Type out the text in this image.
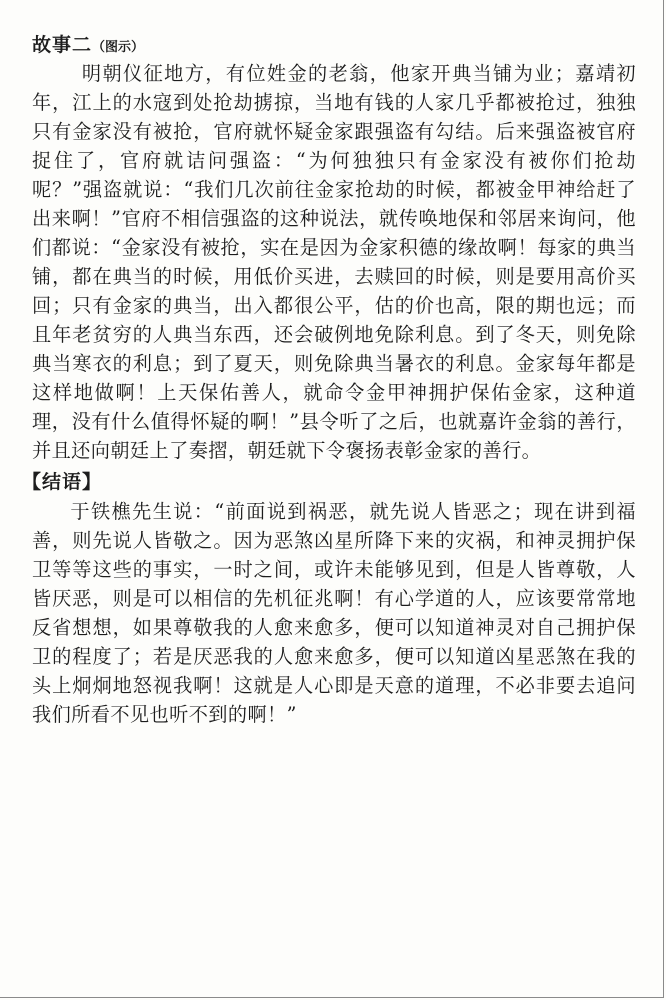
故事二（图示）

明朝仪征地方，有位姓金的老翁，他家开典当铺为业；嘉靖初年，江上的水寇到处抢劫掳掠，当地有钱的人家几乎都被抢过，独独只有金家没有被抢，官府就怀疑金家跟强盗有勾结。后来强盗被官府捉住了，官府就诘问强盗：“为何独独只有金家没有被你们抢劫呢？”强盗就说：“我们几次前往金家抢劫的时候，都被金甲神给赶了出来啊！”官府不相信强盗的这种说法，就传唤地保和邻居来询问，他们都说：“金家没有被抢，实在是因为金家积德的缘故啊！每家的典当铺，都在典当的时候，用低价买进，去赎回的时候，则是要用高价买回；只有金家的典当，出入都很公平，估的价也高，限的期也远；而且年老贫穷的人典当东西，还会破例地免除利息。到了冬天，则免除典当寒衣的利息；到了夏天，则免除典当暑衣的利息。金家每年都是这样地做啊！上天保佑善人，就命令金甲神拥护保佑金家，这种道理，没有什么值得怀疑的啊！”县令听了之后，也就嘉许金翁的善行，并且还向朝廷上了奏摺，朝廷就下令褒扬表彰金家的善行。

【结语】

于铁樵先生说：“前面说到祸恶，就先说人皆恶之；现在讲到福善，则先说人皆敬之。因为恶煞凶星所降下来的灾祸，和神灵拥护保卫等等这些的事实，一时之间，或许未能够见到，但是人皆尊敬，人皆厌恶，则是可以相信的先机征兆啊！有心学道的人，应该要常常地反省想想，如果尊敬我的人愈来愈多，便可以知道神灵对自己拥护保卫的程度了；若是厌恶我的人愈来愈多，便可以知道凶星恶煞在我的头上炯炯地怒视我啊！这就是人心即是天意的道理，不必非要去追问我们所看不见也听不到的啊！”
